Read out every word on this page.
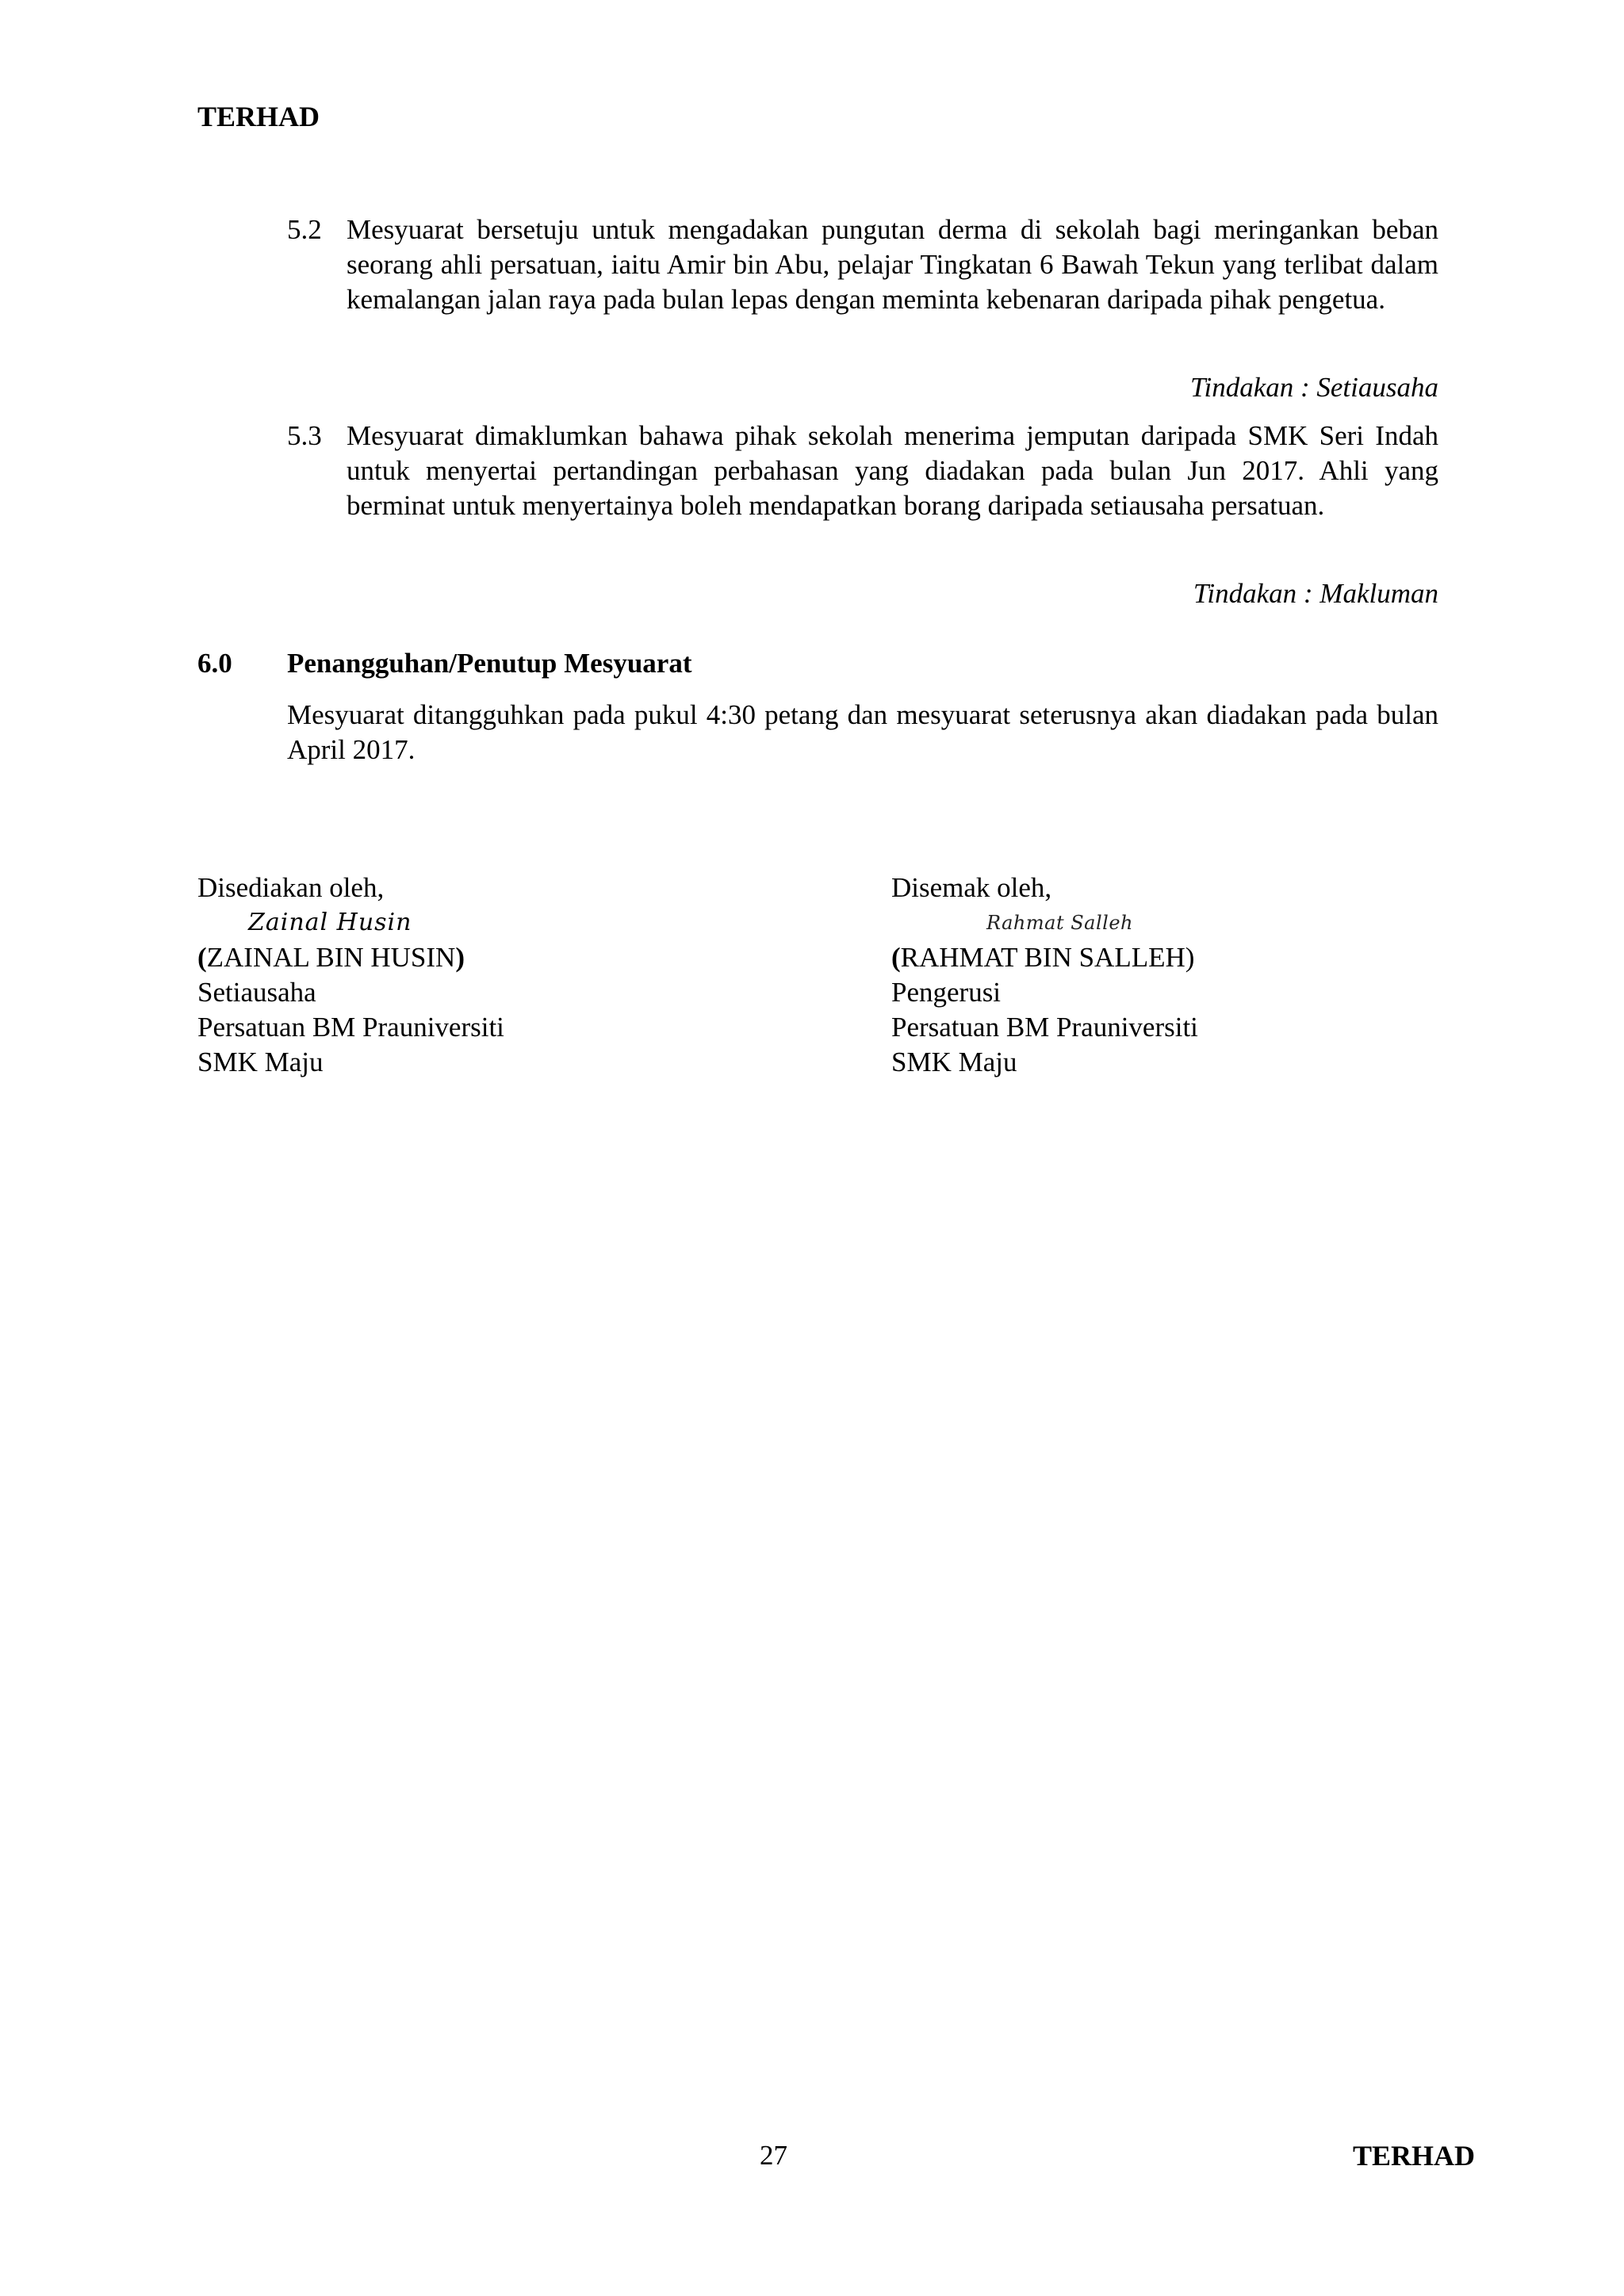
TERHAD
5.2 Mesyuarat bersetuju untuk mengadakan pungutan derma di sekolah bagi meringankan beban seorang ahli persatuan, iaitu Amir bin Abu, pelajar Tingkatan 6 Bawah Tekun yang terlibat dalam kemalangan jalan raya pada bulan lepas dengan meminta kebenaran daripada pihak pengetua.
Tindakan : Setiausaha
5.3 Mesyuarat dimaklumkan bahawa pihak sekolah menerima jemputan daripada SMK Seri Indah untuk menyertai pertandingan perbahasan yang diadakan pada bulan Jun 2017. Ahli yang berminat untuk menyertainya boleh mendapatkan borang daripada setiausaha persatuan.
Tindakan : Makluman
6.0 Penangguhan/Penutup Mesyuarat
Mesyuarat ditangguhkan pada pukul 4:30 petang dan mesyuarat seterusnya akan diadakan pada bulan April 2017.
Disediakan oleh,
Zainal Husin
(ZAINAL BIN HUSIN)
Setiausaha
Persatuan BM Prauniversiti
SMK Maju
Disemak oleh,
Rahmat Salleh
(RAHMAT BIN SALLEH)
Pengerusi
Persatuan BM Prauniversiti
SMK Maju
27	TERHAD
